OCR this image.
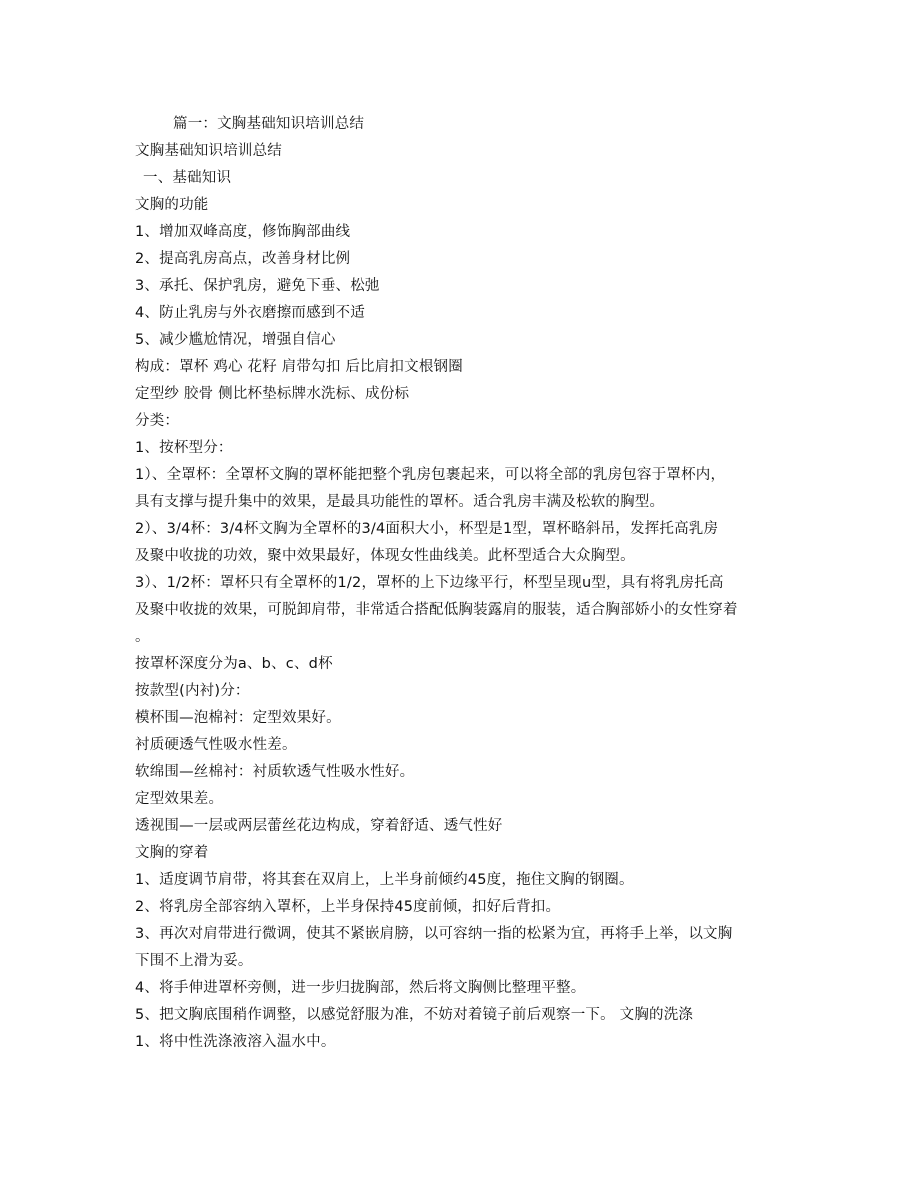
篇一：文胸基础知识培训总结
文胸基础知识培训总结
一、基础知识
文胸的功能
1、增加双峰高度，修饰胸部曲线
2、提高乳房高点，改善身材比例
3、承托、保护乳房，避免下垂、松弛
4、防止乳房与外衣磨擦而感到不适
5、减少尴尬情况，增强自信心
构成：罩杯 鸡心 花籽 肩带勾扣 后比肩扣文根钢圈
定型纱 胶骨 侧比杯垫标牌水洗标、成份标
分类：
1、按杯型分：
1）、全罩杯：全罩杯文胸的罩杯能把整个乳房包裹起来，可以将全部的乳房包容于罩杯内，
具有支撑与提升集中的效果，是最具功能性的罩杯。适合乳房丰满及松软的胸型。
2）、3/4杯：3/4杯文胸为全罩杯的3/4面积大小，杯型是1型，罩杯略斜吊，发挥托高乳房
及聚中收拢的功效，聚中效果最好，体现女性曲线美。此杯型适合大众胸型。
3）、1/2杯：罩杯只有全罩杯的1/2，罩杯的上下边缘平行，杯型呈现u型，具有将乳房托高
及聚中收拢的效果，可脱卸肩带，非常适合搭配低胸装露肩的服装，适合胸部娇小的女性穿着
。
按罩杯深度分为a、b、c、d杯
按款型(内衬)分：
模杯围—泡棉衬：定型效果好。
衬质硬透气性吸水性差。
软绵围—丝棉衬：衬质软透气性吸水性好。
定型效果差。
透视围—一层或两层蕾丝花边构成，穿着舒适、透气性好
文胸的穿着
1、适度调节肩带，将其套在双肩上，上半身前倾约45度，拖住文胸的钢圈。
2、将乳房全部容纳入罩杯，上半身保持45度前倾，扣好后背扣。
3、再次对肩带进行微调，使其不紧嵌肩膀，以可容纳一指的松紧为宜，再将手上举，以文胸
下围不上滑为妥。
4、将手伸进罩杯旁侧，进一步归拢胸部，然后将文胸侧比整理平整。
5、把文胸底围稍作调整，以感觉舒服为准，不妨对着镜子前后观察一下。 文胸的洗涤
1、将中性洗涤液溶入温水中。
